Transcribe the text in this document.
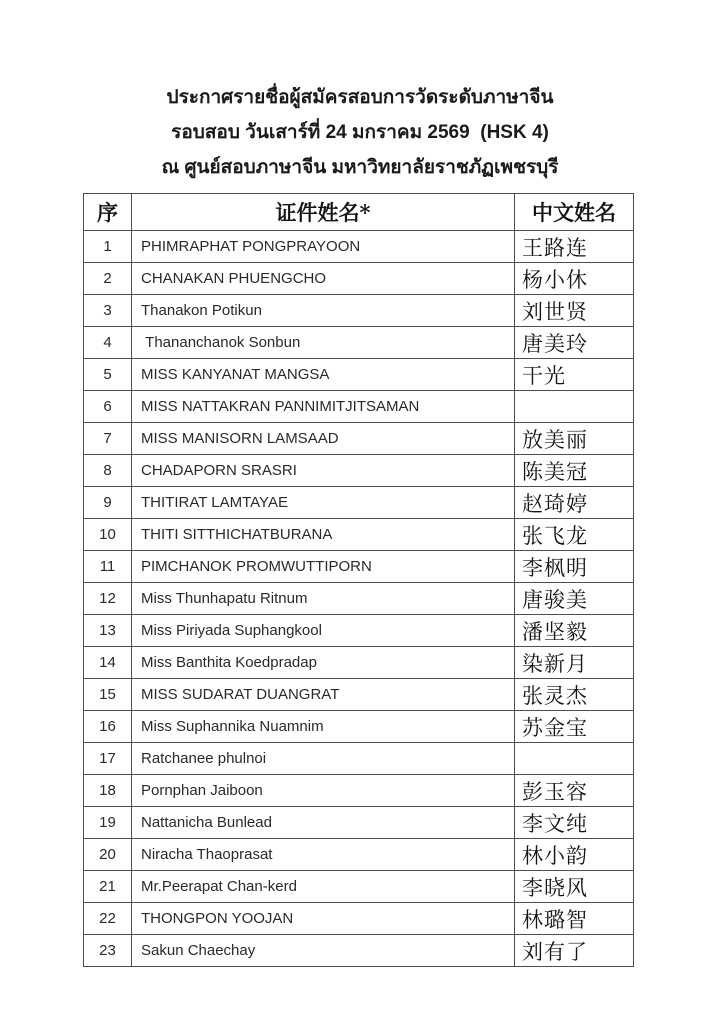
ประกาศรายชื่อผู้สมัครสอบการวัดระดับภาษาจีน
รอบสอบ วันเสาร์ที่ 24 มกราคม 2569  (HSK 4)
ณ ศูนย์สอบภาษาจีน มหาวิทยาลัยราชภัฏเพชรบุรี
序	证件姓名*	中文姓名
1	PHIMRAPHAT PONGPRAYOON	王路连
2	CHANAKAN PHUENGCHO	杨小休
3	Thanakon Potikun	刘世贤
4	Thananchanok Sonbun	唐美玲
5	MISS KANYANAT MANGSA	干光
6	MISS NATTAKRAN PANNIMITJITSAMAN	
7	MISS MANISORN LAMSAAD	放美丽
8	CHADAPORN SRASRI	陈美冠
9	THITIRAT LAMTAYAE	赵琦婷
10	THITI SITTHICHATBURANA	张飞龙
11	PIMCHANOK PROMWUTTIPORN	李枫明
12	Miss Thunhapatu Ritnum	唐骏美
13	Miss Piriyada Suphangkool	潘坚毅
14	Miss Banthita Koedpradap	染新月
15	MISS SUDARAT DUANGRAT	张灵杰
16	Miss Suphannika Nuamnim	苏金宝
17	Ratchanee phulnoi	
18	Pornphan Jaiboon	彭玉容
19	Nattanicha Bunlead	李文纯
20	Niracha Thaoprasat	林小韵
21	Mr.Peerapat Chan-kerd	李晓风
22	THONGPON YOOJAN	林璐智
23	Sakun Chaechay	刘有了
